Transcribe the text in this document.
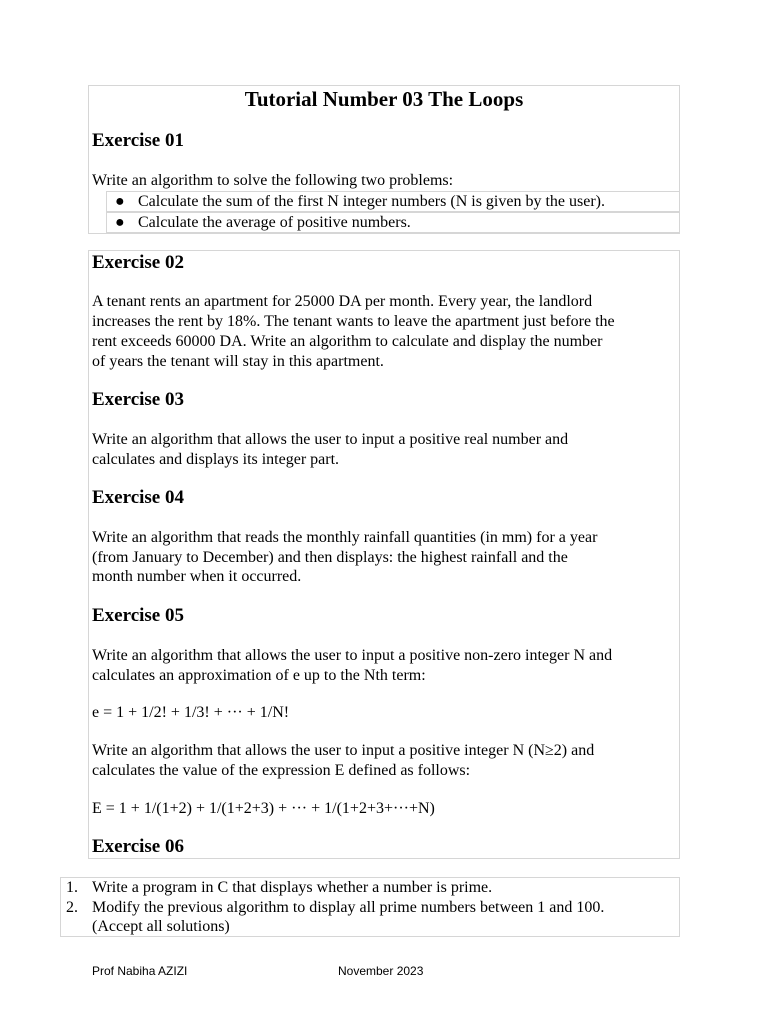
Tutorial Number 03 The Loops
Exercise 01
Write an algorithm to solve the following two problems:
● Calculate the sum of the first N integer numbers (N is given by the user).
● Calculate the average of positive numbers.
Exercise 02
A tenant rents an apartment for 25000 DA per month. Every year, the landlord
increases the rent by 18%. The tenant wants to leave the apartment just before the
rent exceeds 60000 DA. Write an algorithm to calculate and display the number
of years the tenant will stay in this apartment.
Exercise 03
Write an algorithm that allows the user to input a positive real number and
calculates and displays its integer part.
Exercise 04
Write an algorithm that reads the monthly rainfall quantities (in mm) for a year
(from January to December) and then displays: the highest rainfall and the
month number when it occurred.
Exercise 05
Write an algorithm that allows the user to input a positive non-zero integer N and
calculates an approximation of e up to the Nth term:
e = 1 + 1/2! + 1/3! + ··· + 1/N!
Write an algorithm that allows the user to input a positive integer N (N≥2) and
calculates the value of the expression E defined as follows:
E = 1 + 1/(1+2) + 1/(1+2+3) + ··· + 1/(1+2+3+···+N)
Exercise 06
1. Write a program in C that displays whether a number is prime.
2. Modify the previous algorithm to display all prime numbers between 1 and 100.
(Accept all solutions)
Prof Nabiha AZIZI	November 2023
